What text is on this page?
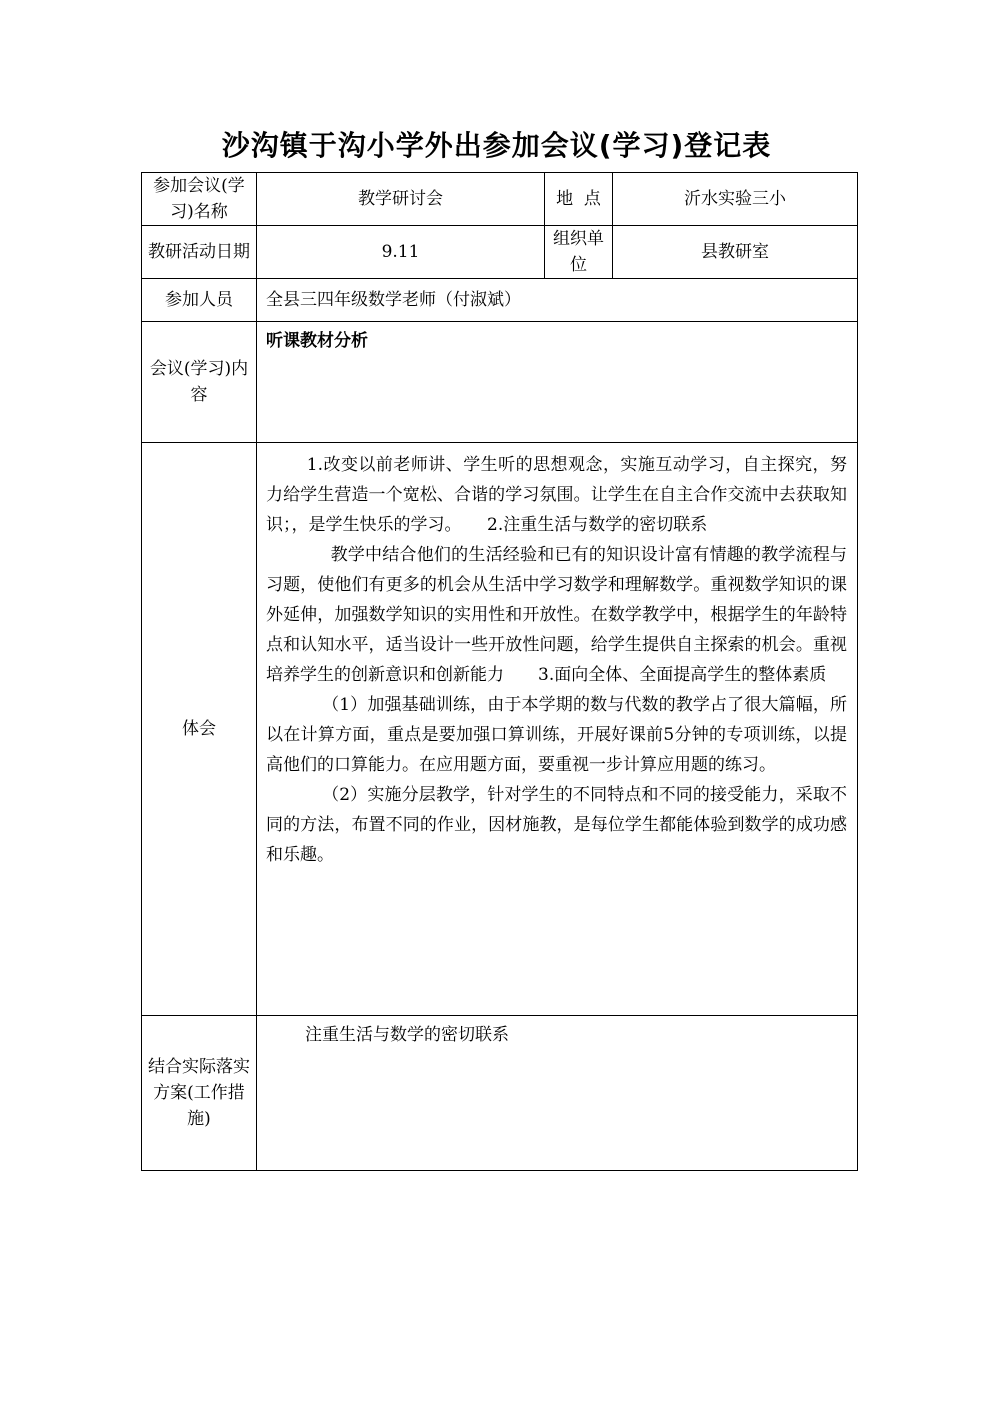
沙沟镇于沟小学外出参加会议(学习)登记表
参加会议(学习)名称	教学研讨会	地  点	沂水实验三小
教研活动日期	9.11	组织单位	县教研室
参加人员	全县三四年级数学老师（付淑斌）		
会议(学习)内容	听课教材分析		

体会	1.改变以前老师讲、学生听的思想观念，实施互动学习，自主探究，努力给学生营造一个宽松、合谐的学习氛围。让学生在自主合作交流中去获取知识；，是学生快乐的学习。　　2.注重生活与数学的密切联系

教学中结合他们的生活经验和已有的知识设计富有情趣的教学流程与习题，使他们有更多的机会从生活中学习数学和理解数学。重视数学知识的课外延伸，加强数学知识的实用性和开放性。在数学教学中，根据学生的年龄特点和认知水平，适当设计一些开放性问题，给学生提供自主探索的机会。重视培养学生的创新意识和创新能力　　3.面向全体、全面提高学生的整体素质

（1）加强基础训练，由于本学期的数与代数的教学占了很大篇幅，所以在计算方面，重点是要加强口算训练，开展好课前5分钟的专项训练，以提高他们的口算能力。在应用题方面，要重视一步计算应用题的练习。

（2）实施分层教学，针对学生的不同特点和不同的接受能力，采取不同的方法，布置不同的作业，因材施教，是每位学生都能体验到数学的成功感和乐趣。		

结合实际落实方案(工作措施)	注重生活与数学的密切联系		
